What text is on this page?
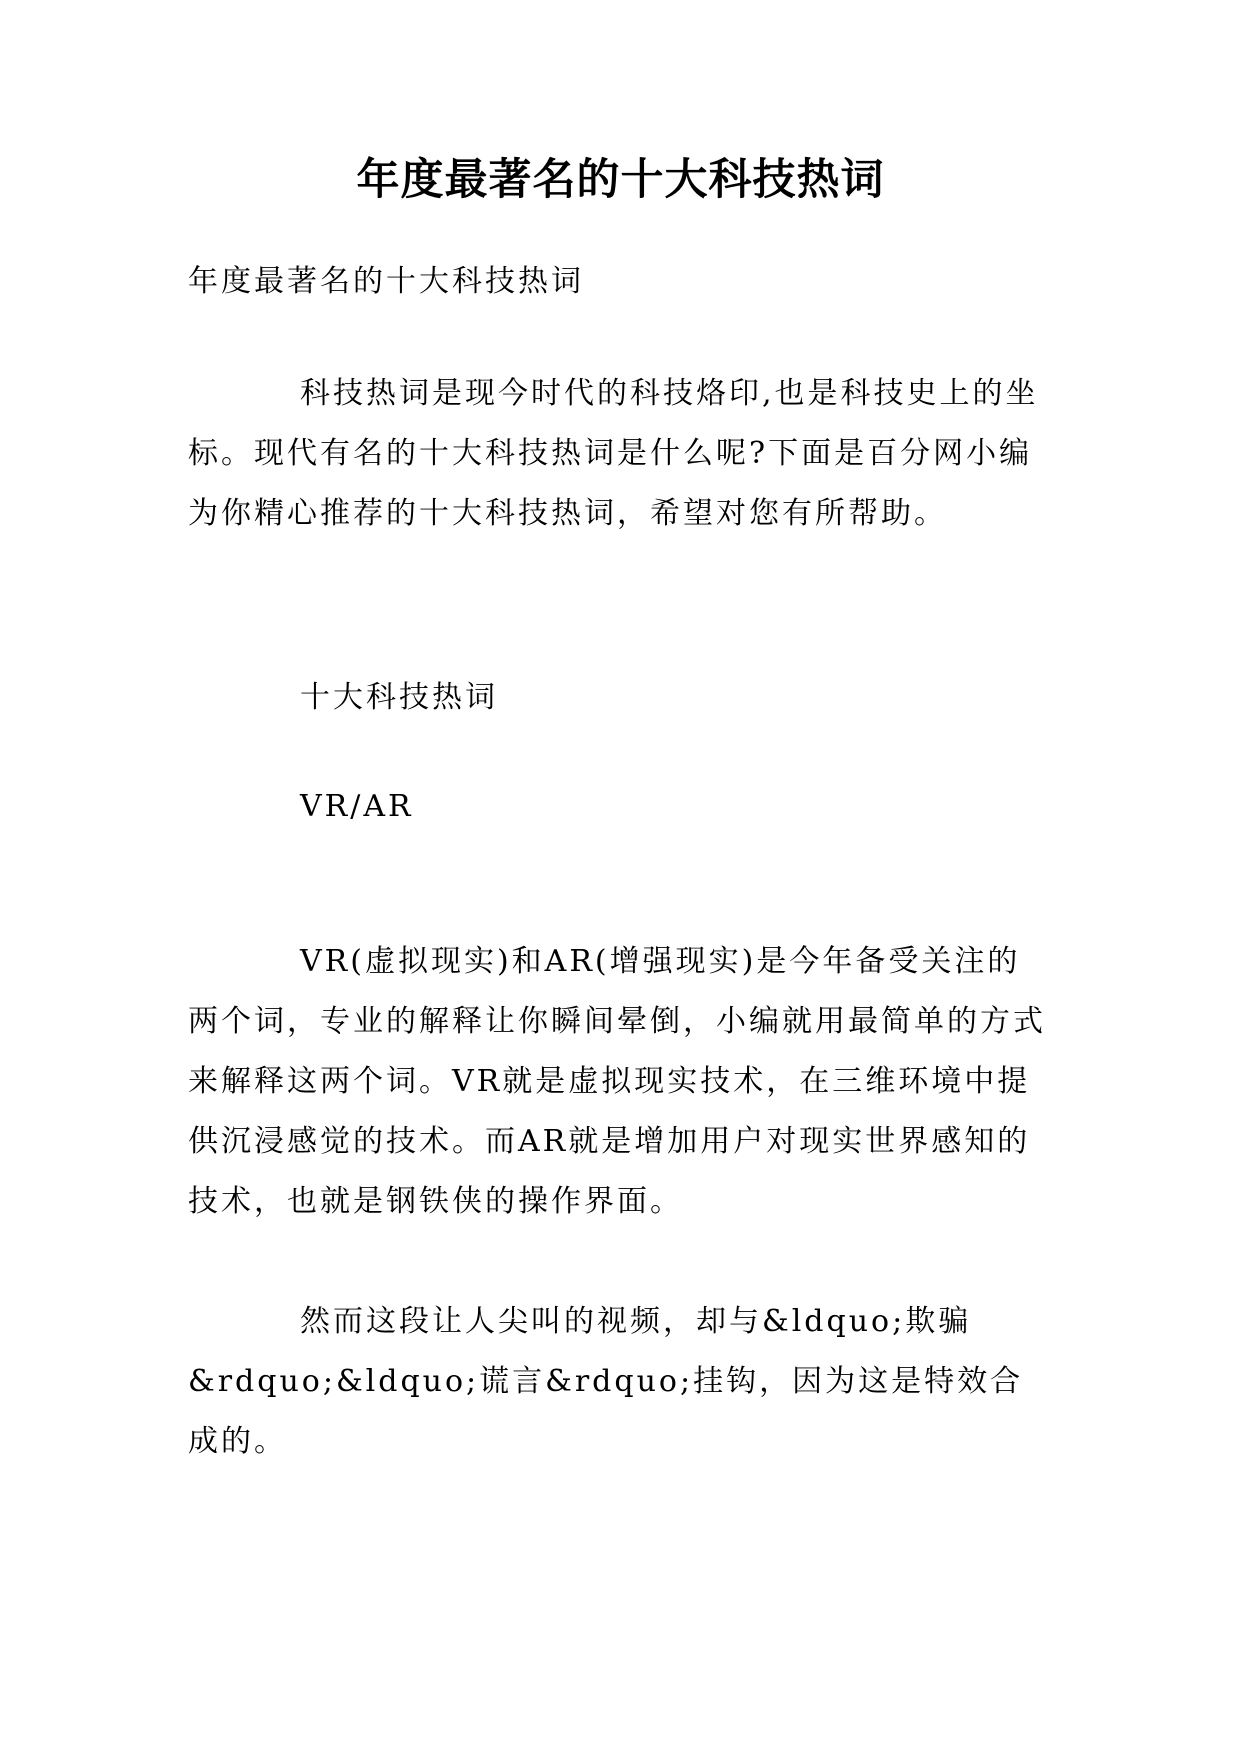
年度最著名的十大科技热词

年度最著名的十大科技热词

科技热词是现今时代的科技烙印,也是科技史上的坐标。现代有名的十大科技热词是什么呢?下面是百分网小编为你精心推荐的十大科技热词，希望对您有所帮助。

十大科技热词

VR/AR

VR(虚拟现实)和AR(增强现实)是今年备受关注的两个词，专业的解释让你瞬间晕倒，小编就用最简单的方式来解释这两个词。VR就是虚拟现实技术，在三维环境中提供沉浸感觉的技术。而AR就是增加用户对现实世界感知的技术，也就是钢铁侠的操作界面。

然而这段让人尖叫的视频，却与&ldquo;欺骗&rdquo;&ldquo;谎言&rdquo;挂钩，因为这是特效合成的。
